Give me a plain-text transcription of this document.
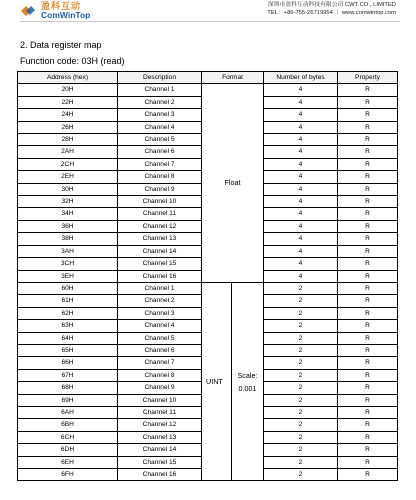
盈科互动
ComWinTop
深圳市盈科互动科技有限公司 CWT CO., LIMITED
TEL：+86-755-26719954 ｜ www.comwintop.com
2. Data register map
Function code: 03H (read)
Address (hex)	Description	Format		Number of bytes	Property
20H	Channel 1	Float		4	R
22H	Channel 2			4	R
24H	Channel 3			4	R
26H	Channel 4			4	R
28H	Channel 5			4	R
2AH	Channel 6			4	R
2CH	Channel 7			4	R
2EH	Channel 8			4	R
30H	Channel 9			4	R
32H	Channel 10			4	R
34H	Channel 11			4	R
36H	Channel 12			4	R
38H	Channel 13			4	R
3AH	Channel 14			4	R
3CH	Channel 15			4	R
3EH	Channel 16			4	R
60H	Channel 1	UINT	Scale: 0.001	2	R
61H	Channel 2			2	R
62H	Channel 3			2	R
63H	Channel 4			2	R
64H	Channel 5			2	R
65H	Channel 6			2	R
66H	Channel 7			2	R
67H	Channel 8			2	R
68H	Channel 9			2	R
69H	Channel 10			2	R
6AH	Channel 11			2	R
6BH	Channel 12			2	R
6CH	Channel 13			2	R
6DH	Channel 14			2	R
6EH	Channel 15			2	R
6FH	Channel 16			2	R
